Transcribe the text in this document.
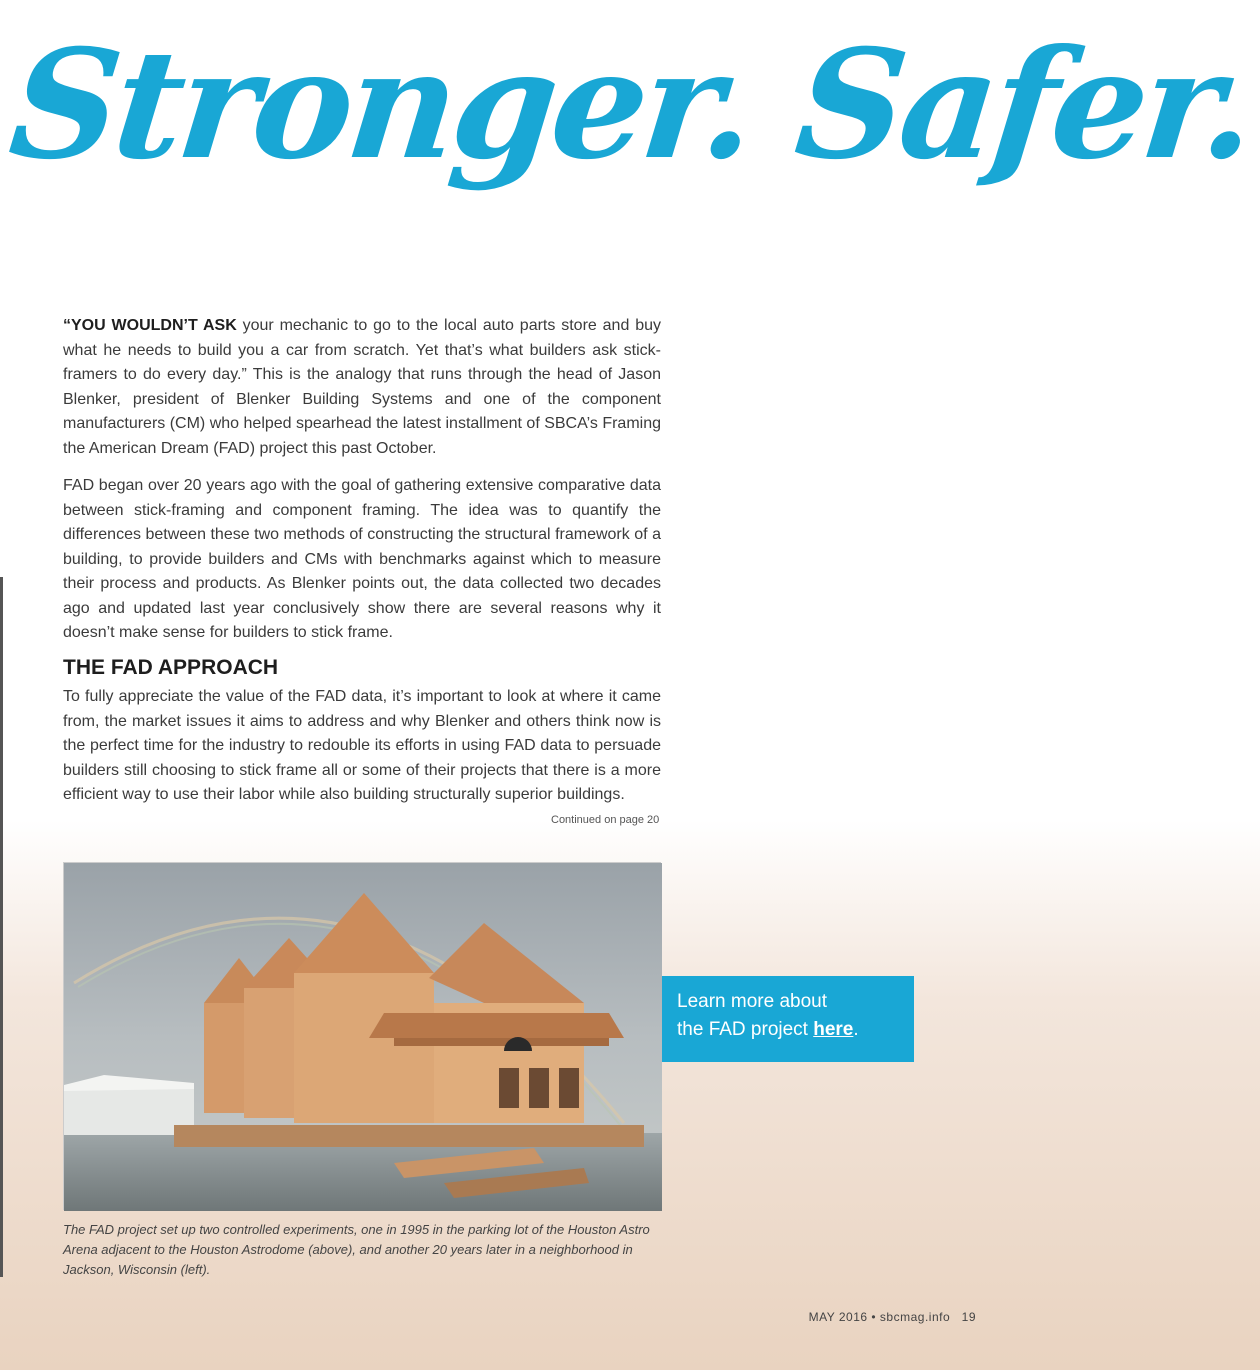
Stronger. Safer.

“YOU WOULDN’T ASK your mechanic to go to the local auto parts store and buy what he needs to build you a car from scratch. Yet that’s what builders ask stick-framers to do every day.” This is the analogy that runs through the head of Jason Blenker, president of Blenker Building Systems and one of the component manufacturers (CM) who helped spearhead the latest installment of SBCA’s Framing the American Dream (FAD) project this past October.

FAD began over 20 years ago with the goal of gathering extensive comparative data between stick-framing and component framing. The idea was to quantify the differences between these two methods of constructing the structural framework of a building, to provide builders and CMs with benchmarks against which to measure their process and products. As Blenker points out, the data collected two decades ago and updated last year conclusively show there are several reasons why it doesn’t make sense for builders to stick frame.

THE FAD APPROACH

To fully appreciate the value of the FAD data, it’s important to look at where it came from, the market issues it aims to address and why Blenker and others think now is the perfect time for the industry to redouble its efforts in using FAD data to persuade builders still choosing to stick frame all or some of their projects that there is a more efficient way to use their labor while also building structurally superior buildings.

Continued on page 20
The FAD project set up two controlled experiments, one in 1995 in the parking lot of the Houston Astro Arena adjacent to the Houston Astrodome (above), and another 20 years later in a neighborhood in Jackson, Wisconsin (left).
Learn more about
the FAD project here.
MAY 2016 • sbcmag.info 19
